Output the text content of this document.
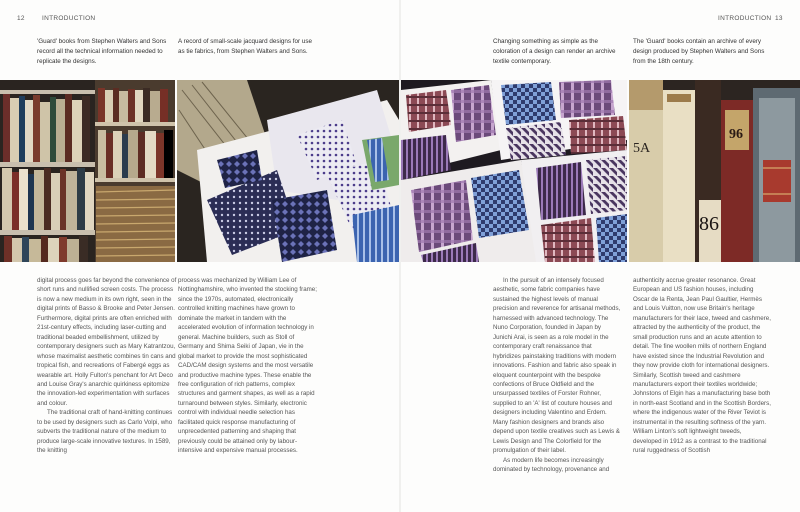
12	INTRODUCTION	INTRODUCTION 13
'Guard' books from Stephen Walters and Sons record all the technical information needed to replicate the designs.
A record of small-scale jacquard designs for use as tie fabrics, from Stephen Walters and Sons.
Changing something as simple as the coloration of a design can render an archive textile contemporary.
The 'Guard' books contain an archive of every design produced by Stephen Walters and Sons from the 18th century.
5A
96
86

digital process goes far beyond the convenience of short runs and nullified screen costs. The process is now a new medium in its own right, seen in the digital prints of Basso & Brooke and Peter Jensen. Furthermore, digital prints are often enriched with 21st-century effects, including laser-cutting and traditional beaded embellishment, utilized by contemporary designers such as Mary Katrantzou, whose maximalist aesthetic combines tin cans and tropical fish, and recreations of Fabergé eggs as wearable art. Holly Fulton's penchant for Art Deco and Louise Gray's anarchic quirkiness epitomize the innovation-led experimentation with surfaces and colour.

The traditional craft of hand-knitting continues to be used by designers such as Carlo Volpi, who subverts the traditional nature of the medium to produce large-scale innovative textures. In 1589, the knitting

process was mechanized by William Lee of Nottinghamshire, who invented the stocking frame; since the 1970s, automated, electronically controlled knitting machines have grown to dominate the market in tandem with the accelerated evolution of information technology in general. Machine builders, such as Stoll of Germany and Shima Seiki of Japan, vie in the global market to provide the most sophisticated CAD/CAM design systems and the most versatile and productive machine types. These enable the free configuration of rich patterns, complex structures and garment shapes, as well as a rapid turnaround between styles. Similarly, electronic control with individual needle selection has facilitated quick response manufacturing of unprecedented patterning and shaping that previously could be attained only by labour-intensive and expensive manual processes.

In the pursuit of an intensely focused aesthetic, some fabric companies have sustained the highest levels of manual precision and reverence for artisanal methods, harnessed with advanced technology. The Nuno Corporation, founded in Japan by Junichi Arai, is seen as a role model in the contemporary craft renaissance that hybridizes painstaking traditions with modern innovations. Fashion and fabric also speak in eloquent counterpoint with the bespoke confections of Bruce Oldfield and the unsurpassed textiles of Forster Rohner, supplied to an 'A' list of couture houses and designers including Valentino and Erdem. Many fashion designers and brands also depend upon textile creatives such as Lewis & Lewis Design and The Colorfield for the promulgation of their label.

As modern life becomes increasingly dominated by technology, provenance and

authenticity accrue greater resonance. Great European and US fashion houses, including Oscar de la Renta, Jean Paul Gaultier, Hermès and Louis Vuitton, now use Britain's heritage manufacturers for their lace, tweed and cashmere, attracted by the authenticity of the product, the small production runs and an acute attention to detail. The fine woollen mills of northern England have existed since the Industrial Revolution and they now provide cloth for international designers. Similarly, Scottish tweed and cashmere manufacturers export their textiles worldwide; Johnstons of Elgin has a manufacturing base both in north-east Scotland and in the Scottish Borders, where the indigenous water of the River Teviot is instrumental in the resulting softness of the yarn. William Linton's soft lightweight tweeds, developed in 1912 as a contrast to the traditional rural ruggedness of Scottish
